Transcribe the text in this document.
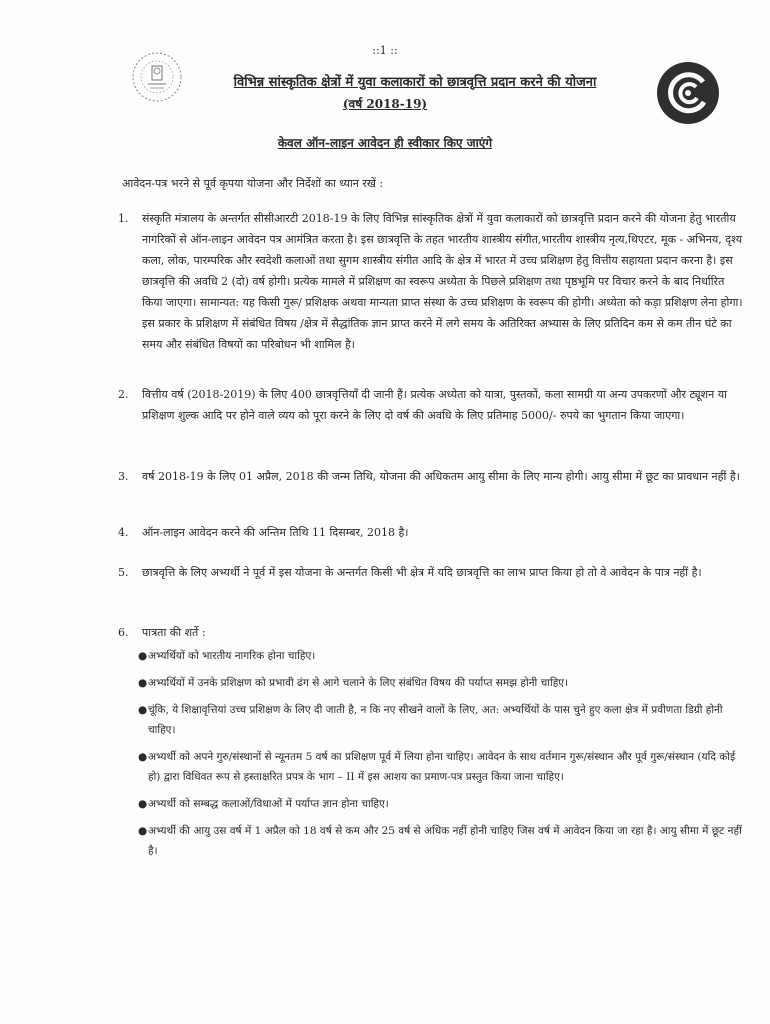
::1 ::
विभिन्न सांस्कृतिक क्षेत्रों में युवा कलाकारों को छात्रवृत्ति प्रदान करने की योजना
(वर्ष 2018-19)
केवल ऑन-लाइन आवेदन ही स्वीकार किए जाएंगे
आवेदन-पत्र भरने से पूर्व कृपया योजना और निर्देशों का ध्यान रखें :
1.	संस्कृति मंत्रालय के अन्तर्गत सीसीआरटी 2018-19 के लिए विभिन्न सांस्कृतिक क्षेत्रों में युवा कलाकारों को छात्रवृत्ति प्रदान करने की योजना हेतु भारतीय नागरिकों से ऑन-लाइन आवेदन पत्र आमंत्रित करता है। इस छात्रवृत्ति के तहत भारतीय शास्त्रीय संगीत,भारतीय शास्त्रीय नृत्य,थिएटर, मूक - अभिनय, दृश्य कला, लोक, पारम्परिक और स्वदेशी कलाओं तथा सुगम शास्त्रीय संगीत आदि के क्षेत्र में भारत में उच्च प्रशिक्षण हेतु वित्तीय सहायता प्रदान करना है। इस छात्रवृत्ति की अवधि 2 (दो) वर्ष होगी। प्रत्येक मामले में प्रशिक्षण का स्वरूप अध्येता के पिछले प्रशिक्षण तथा पृष्ठभूमि पर विचार करने के बाद निर्धारित किया जाएगा। सामान्यत: यह किसी गुरू/ प्रशिक्षक अथवा मान्यता प्राप्त संस्था के उच्च प्रशिक्षण के स्वरूप की होगी। अध्येता को कड़ा प्रशिक्षण लेना होगा। इस प्रकार के प्रशिक्षण में संबंधित विषय /क्षेत्र में सैद्धांतिक ज्ञान प्राप्त करने में लगे समय के अतिरिक्त अभ्यास के लिए प्रतिदिन कम से कम तीन घंटे का समय और संबंधित विषयों का परिबोधन भी शामिल है।
2.	वित्तीय वर्ष (2018-2019) के लिए 400 छात्रवृत्तियाँ दी जानी हैं। प्रत्येक अध्येता को यात्रा, पुस्तकों, कला सामग्री या अन्य उपकरणों और ट्यूशन या प्रशिक्षण शुल्क आदि पर होने वाले व्यय को पूरा करने के लिए दो वर्ष की अवधि के लिए प्रतिमाह 5000/- रुपये का भुगतान किया जाएगा।
3.	वर्ष 2018-19 के लिए 01 अप्रैल, 2018 की जन्म तिथि, योजना की अधिकतम आयु सीमा के लिए मान्य होगी। आयु सीमा में छूट का प्रावधान नहीं है।
4.	ऑन-लाइन आवेदन करने की अन्तिम तिथि 11 दिसम्बर, 2018 है।
5.	छात्रवृत्ति के लिए अभ्यर्थी ने पूर्व में इस योजना के अन्तर्गत किसी भी क्षेत्र में यदि छात्रवृत्ति का लाभ प्राप्त किया हो तो वे आवेदन के पात्र नहीं है।
6.	पात्रता की शर्ते :
● अभ्यर्थियों को भारतीय नागरिक होना चाहिए।
● अभ्यर्थियों में उनके प्रशिक्षण को प्रभावी ढंग से आगे चलाने के लिए संबंधित विषय की पर्याप्त समझ होनी चाहिए।
● चूंकि, ये शिक्षावृत्तियां उच्च प्रशिक्षण के लिए दी जाती है, न कि नए सीखने वालों के लिए, अत: अभ्यर्थियों के पास चुने हुए कला क्षेत्र में प्रवीणता डिग्री होनी चाहिए।
● अभ्यर्थी को अपने गुरु/संस्थानों से न्यूनतम 5 वर्ष का प्रशिक्षण पूर्व में लिया होना चाहिए। आवेदन के साथ वर्तमान गुरू/संस्थान और पूर्व गुरू/संस्थान (यदि कोई हो) द्वारा विधिवत रूप से हस्ताक्षरित प्रपत्र के भाग – II में इस आशय का प्रमाण-पत्र प्रस्तुत किया जाना चाहिए।
● अभ्यर्थी को सम्बद्ध कलाओं/विधाओं में पर्याप्त ज्ञान होना चाहिए।
● अभ्यर्थी की आयु उस वर्ष में 1 अप्रैल को 18 वर्ष से कम और 25 वर्ष से अधिक नहीं होनी चाहिए जिस वर्ष में आवेदन किया जा रहा है। आयु सीमा में छूट नहीं है।
